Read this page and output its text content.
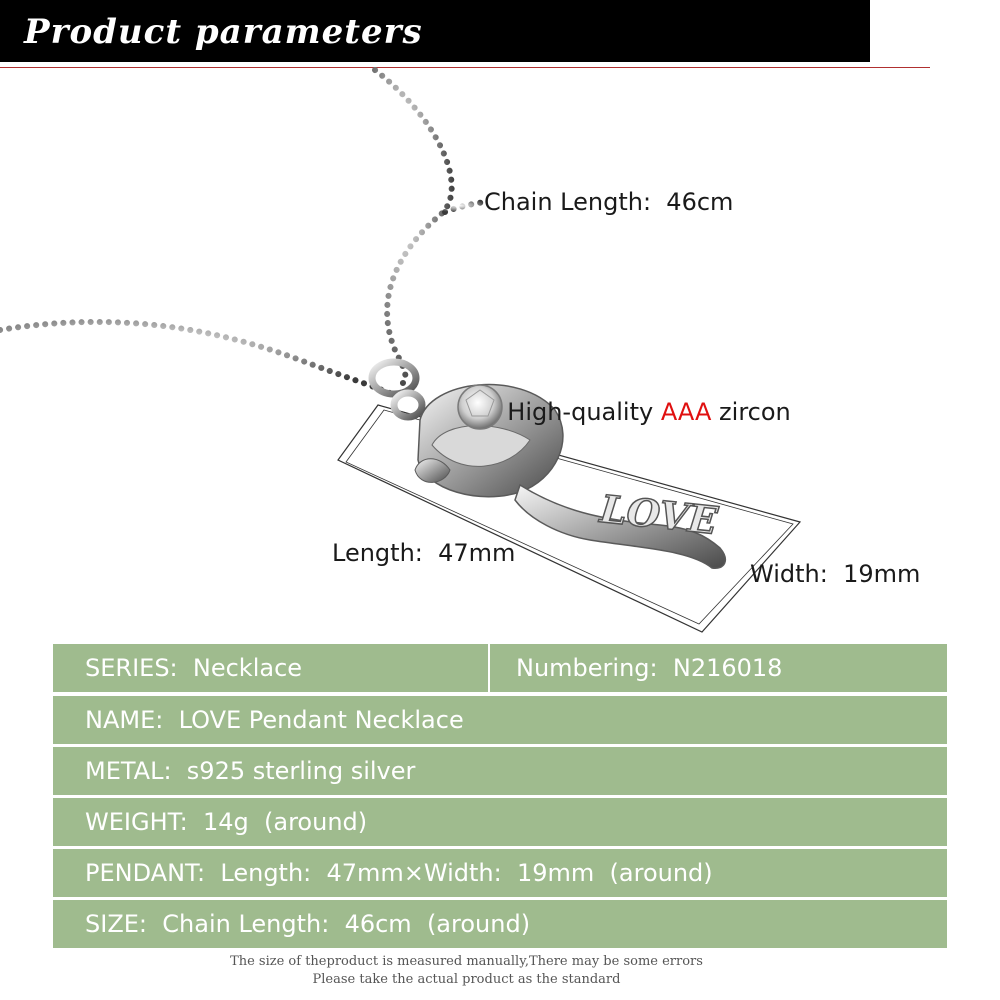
Product parameters
LOVE
Chain Length:  46cm

High-quality AAA zircon

Length:  47mm
Width:  19mm
SERIES:  Necklace	Numbering:  N216018
NAME:  LOVE Pendant Necklace
METAL:  s925 sterling silver
WEIGHT:  14g  (around)
PENDANT:  Length:  47mm×Width:  19mm  (around)
SIZE:  Chain Length:  46cm  (around)
The size of theproduct is measured manually,There may be some errors
Please take the actual product as the standard
